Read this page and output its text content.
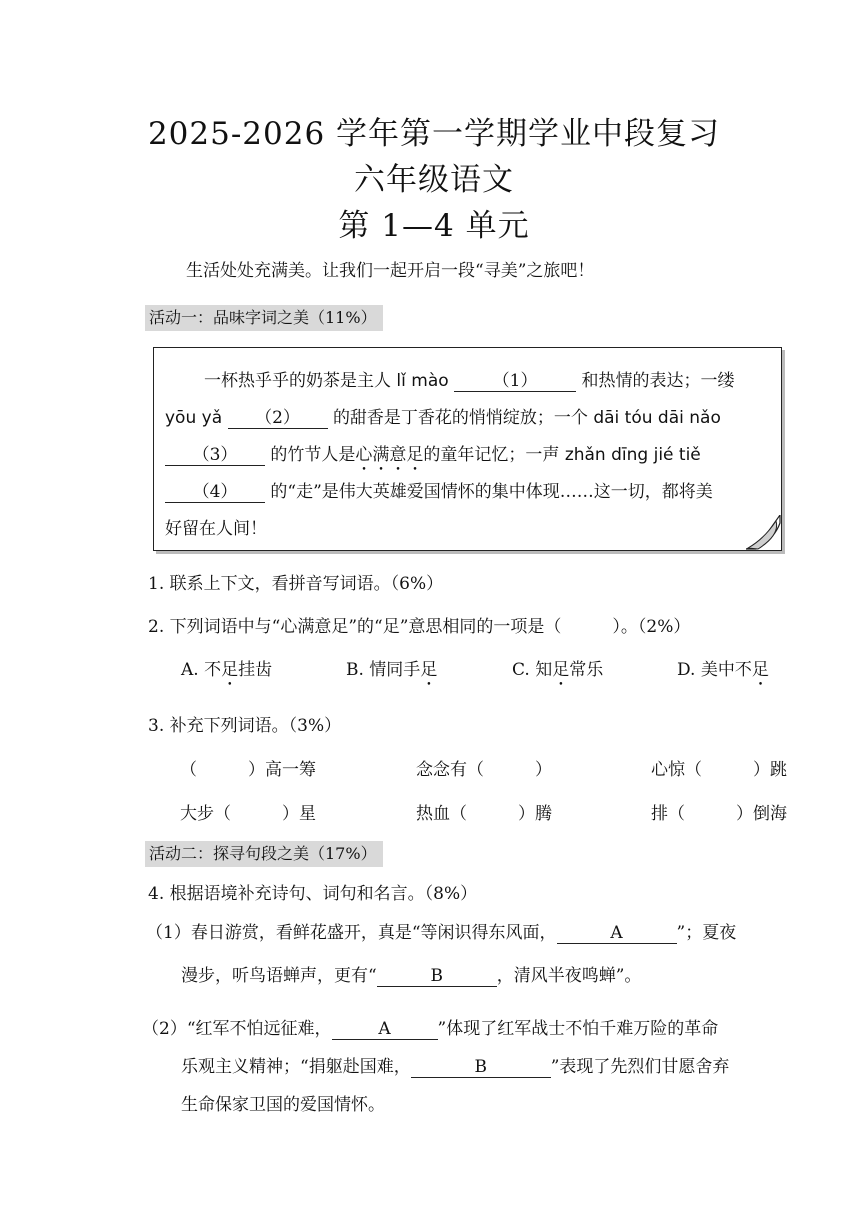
2025-2026 学年第一学期学业中段复习
六年级语文
第 1—4 单元
生活处处充满美。让我们一起开启一段“寻美”之旅吧！
活动一：品味字词之美（11%）
一杯热乎乎的奶茶是主人 lǐ mào	（1）	和热情的表达；一缕
yōu yǎ （2） 的甜香是丁香花的悄悄绽放；一个 dāi tóu dāi nǎo
（3） 的竹节人是心满意足的童年记忆；一声 zhǎn dīng jié tiě
（4） 的“走”是伟大英雄爱国情怀的集中体现……这一切，都将美
好留在人间！
1. 联系上下文，看拼音写词语。（6%）
2. 下列词语中与“心满意足”的“足”意思相同的一项是（　　　）。（2%）
A. 不足挂齿	B. 情同手足	C. 知足常乐	D. 美中不足
3. 补充下列词语。（3%）
（　　　）高一筹	念念有（　　　）	心惊（　　　）跳
大步（　　　）星	热血（　　　）腾	排（　　　）倒海
活动二：探寻句段之美（17%）
4. 根据语境补充诗句、词句和名言。（8%）
（1）春日游赏，看鲜花盛开，真是“等闲识得东风面，	A	”；夏夜
漫步，听鸟语蝉声，更有“	B	，清风半夜鸣蝉”。
（2）“红军不怕远征难，	A	”体现了红军战士不怕千难万险的革命
乐观主义精神；“捐躯赴国难，	B	”表现了先烈们甘愿舍弃
生命保家卫国的爱国情怀。
